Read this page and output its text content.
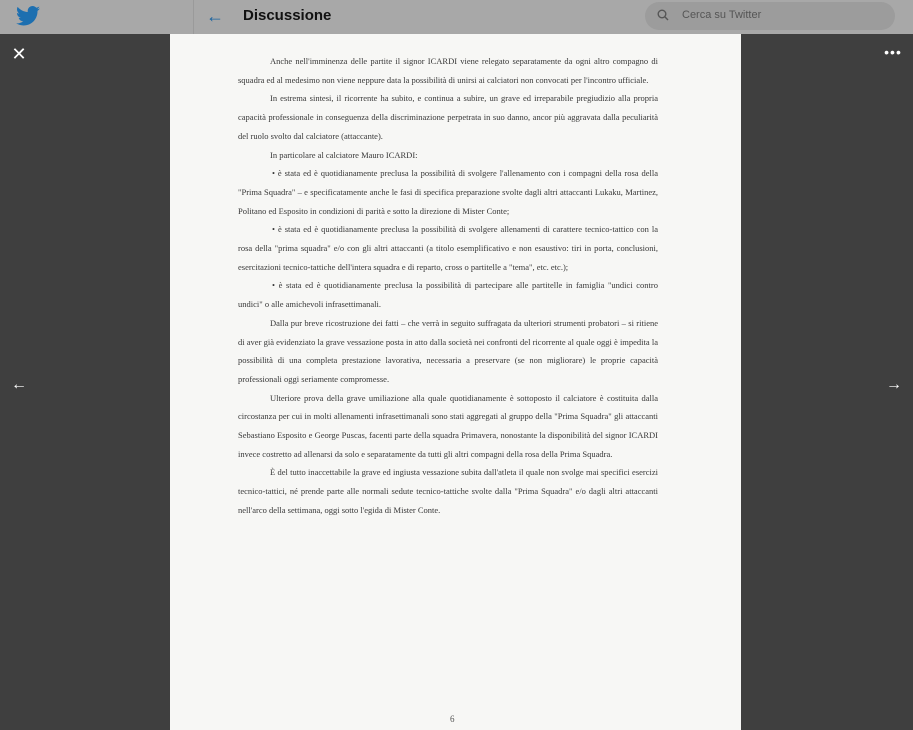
← Discussione	Cerca su Twitter
✕	•••
←	→

Anche nell'imminenza delle partite il signor ICARDI viene relegato separatamente da ogni altro compagno di squadra ed al medesimo non viene neppure data la possibilità di unirsi ai calciatori non convocati per l'incontro ufficiale.

In estrema sintesi, il ricorrente ha subito, e continua a subire, un grave ed irreparabile pregiudizio alla propria capacità professionale in conseguenza della discriminazione perpetrata in suo danno, ancor più aggravata dalla peculiarità del ruolo svolto dal calciatore (attaccante).

In particolare al calciatore Mauro ICARDI:

• è stata ed è quotidianamente preclusa la possibilità di svolgere l'allenamento con i compagni della rosa della "Prima Squadra" – e specificatamente anche le fasi di specifica preparazione svolte dagli altri attaccanti Lukaku, Martinez, Politano ed Esposito in condizioni di parità e sotto la direzione di Mister Conte;

• è stata ed è quotidianamente preclusa la possibilità di svolgere allenamenti di carattere tecnico-tattico con la rosa della "prima squadra" e/o con gli altri attaccanti (a titolo esemplificativo e non esaustivo: tiri in porta, conclusioni, esercitazioni tecnico-tattiche dell'intera squadra e di reparto, cross o partitelle a "tema", etc. etc.);

• è stata ed è quotidianamente preclusa la possibilità di partecipare alle partitelle in famiglia "undici contro undici" o alle amichevoli infrasettimanali.

Dalla pur breve ricostruzione dei fatti – che verrà in seguito suffragata da ulteriori strumenti probatori – si ritiene di aver già evidenziato la grave vessazione posta in atto dalla società nei confronti del ricorrente al quale oggi è impedita la possibilità di una completa prestazione lavorativa, necessaria a preservare (se non migliorare) le proprie capacità professionali oggi seriamente compromesse.

Ulteriore prova della grave umiliazione alla quale quotidianamente è sottoposto il calciatore è costituita dalla circostanza per cui in molti allenamenti infrasettimanali sono stati aggregati al gruppo della "Prima Squadra" gli attaccanti Sebastiano Esposito e George Puscas, facenti parte della squadra Primavera, nonostante la disponibilità del signor ICARDI invece costretto ad allenarsi da solo e separatamente da tutti gli altri compagni della rosa della Prima Squadra.

È del tutto inaccettabile la grave ed ingiusta vessazione subita dall'atleta il quale non svolge mai specifici esercizi tecnico-tattici, né prende parte alle normali sedute tecnico-tattiche svolte dalla "Prima Squadra" e/o dagli altri attaccanti nell'arco della settimana, oggi sotto l'egida di Mister Conte.

6
